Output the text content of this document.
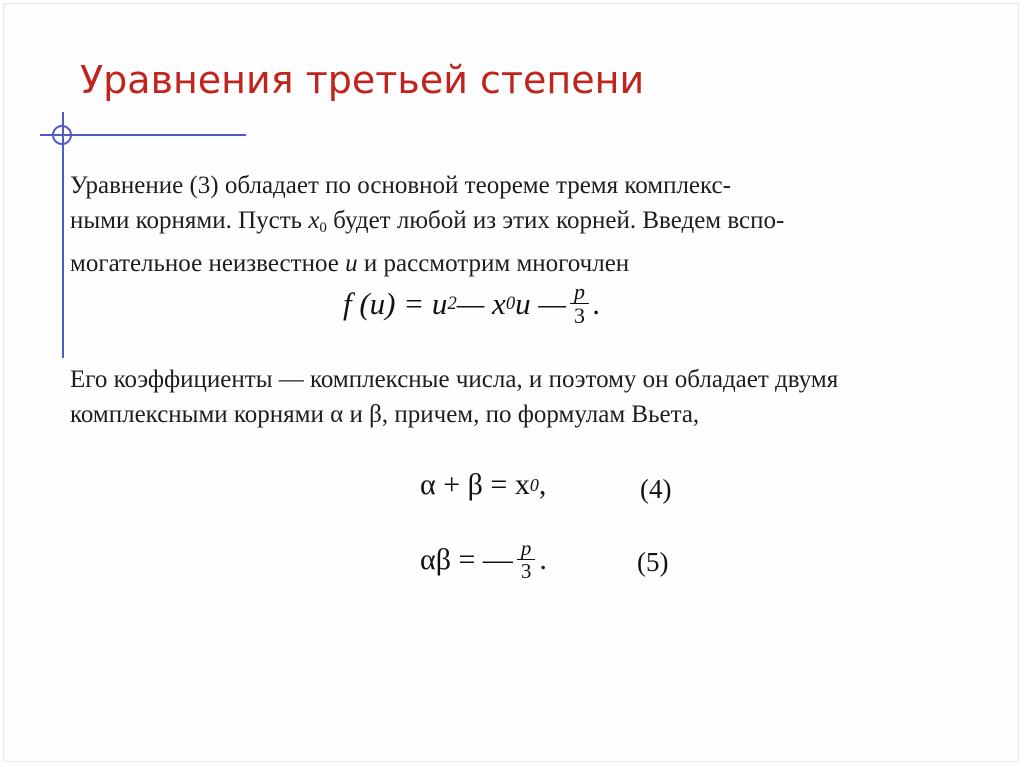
Уравнения третьей степени
Уравнение (3) обладает по основной теореме тремя комплекс-
ными корнями. Пусть $x_0$ будет любой из этих корней. Введем вспо-
могательное неизвестное u и рассмотрим многочлен
f (u) = u 2 — x 0 u — $\frac{p}{3}$ .
Его коэффициенты — комплексные числа, и поэтому он обладает двумя
комплексными корнями α и β, причем, по формулам Вьета,
α + β = x 0 ,	(4)
αβ = — $\frac{p}{3}$ .	(5)
